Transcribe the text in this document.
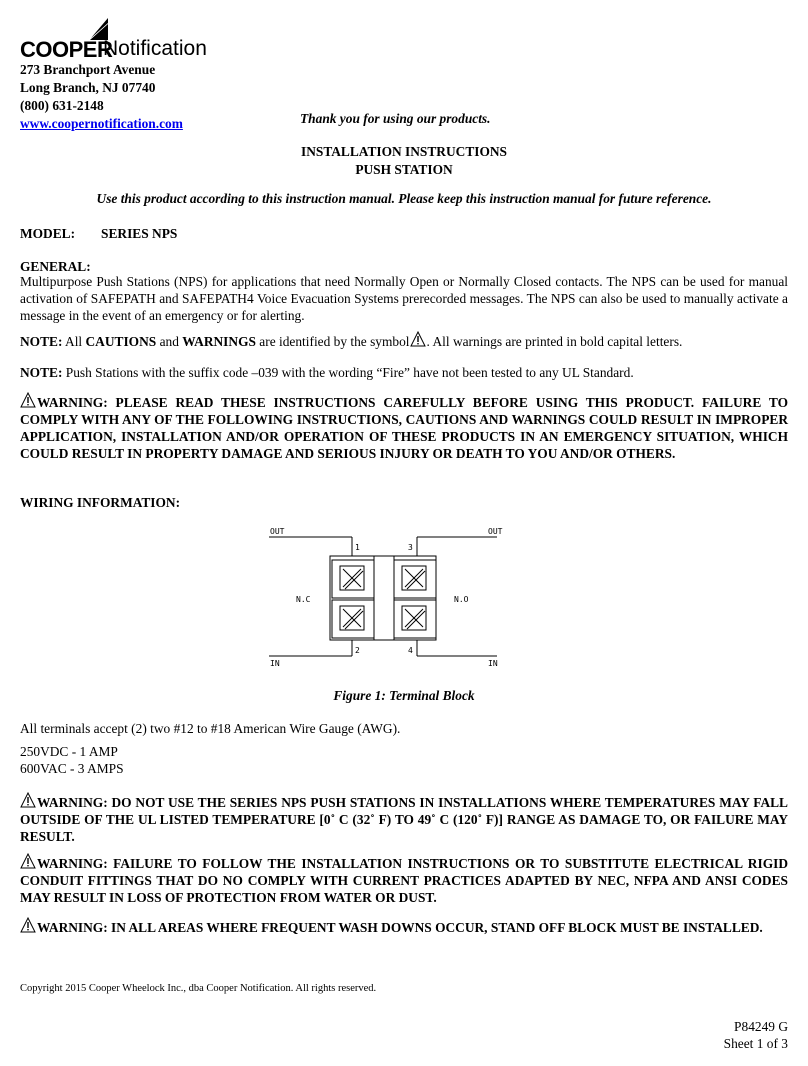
COOPER
Notification
273 Branchport Avenue
Long Branch, NJ 07740
(800) 631-2148
www.coopernotification.com	Thank you for using our products.
INSTALLATION INSTRUCTIONS
PUSH STATION
Use this product according to this instruction manual. Please keep this instruction manual for future reference.
MODEL: SERIES NPS
GENERAL:
Multipurpose Push Stations (NPS) for applications that need Normally Open or Normally Closed contacts. The NPS can be used for manual activation of SAFEPATH and SAFEPATH4 Voice Evacuation Systems prerecorded messages. The NPS can also be used to manually activate a message in the event of an emergency or for alerting.
NOTE: All CAUTIONS and WARNINGS are identified by the symbol . All warnings are printed in bold capital letters.
NOTE: Push Stations with the suffix code –039 with the wording “Fire” have not been tested to any UL Standard.
WARNING: PLEASE READ THESE INSTRUCTIONS CAREFULLY BEFORE USING THIS PRODUCT. FAILURE TO COMPLY WITH ANY OF THE FOLLOWING INSTRUCTIONS, CAUTIONS AND WARNINGS COULD RESULT IN IMPROPER APPLICATION, INSTALLATION AND/OR OPERATION OF THESE PRODUCTS IN AN EMERGENCY SITUATION, WHICH COULD RESULT IN PROPERTY DAMAGE AND SERIOUS INJURY OR DEATH TO YOU AND/OR OTHERS.
WIRING INFORMATION:
OUT	OUT
IN	IN
N.C	N.O
1
2
3
4
Figure 1: Terminal Block
All terminals accept (2) two #12 to #18 American Wire Gauge (AWG).
250VDC - 1 AMP
600VAC - 3 AMPS
WARNING: DO NOT USE THE SERIES NPS PUSH STATIONS IN INSTALLATIONS WHERE TEMPERATURES MAY FALL OUTSIDE OF THE UL LISTED TEMPERATURE [0˚ C (32˚ F) TO 49˚ C (120˚ F)] RANGE AS DAMAGE TO, OR FAILURE MAY RESULT.
WARNING: FAILURE TO FOLLOW THE INSTALLATION INSTRUCTIONS OR TO SUBSTITUTE ELECTRICAL RIGID CONDUIT FITTINGS THAT DO NO COMPLY WITH CURRENT PRACTICES ADAPTED BY NEC, NFPA AND ANSI CODES MAY RESULT IN LOSS OF PROTECTION FROM WATER OR DUST.
WARNING: IN ALL AREAS WHERE FREQUENT WASH DOWNS OCCUR, STAND OFF BLOCK MUST BE INSTALLED.
Copyright 2015 Cooper Wheelock Inc., dba Cooper Notification. All rights reserved.
P84249 G
Sheet 1 of 3
